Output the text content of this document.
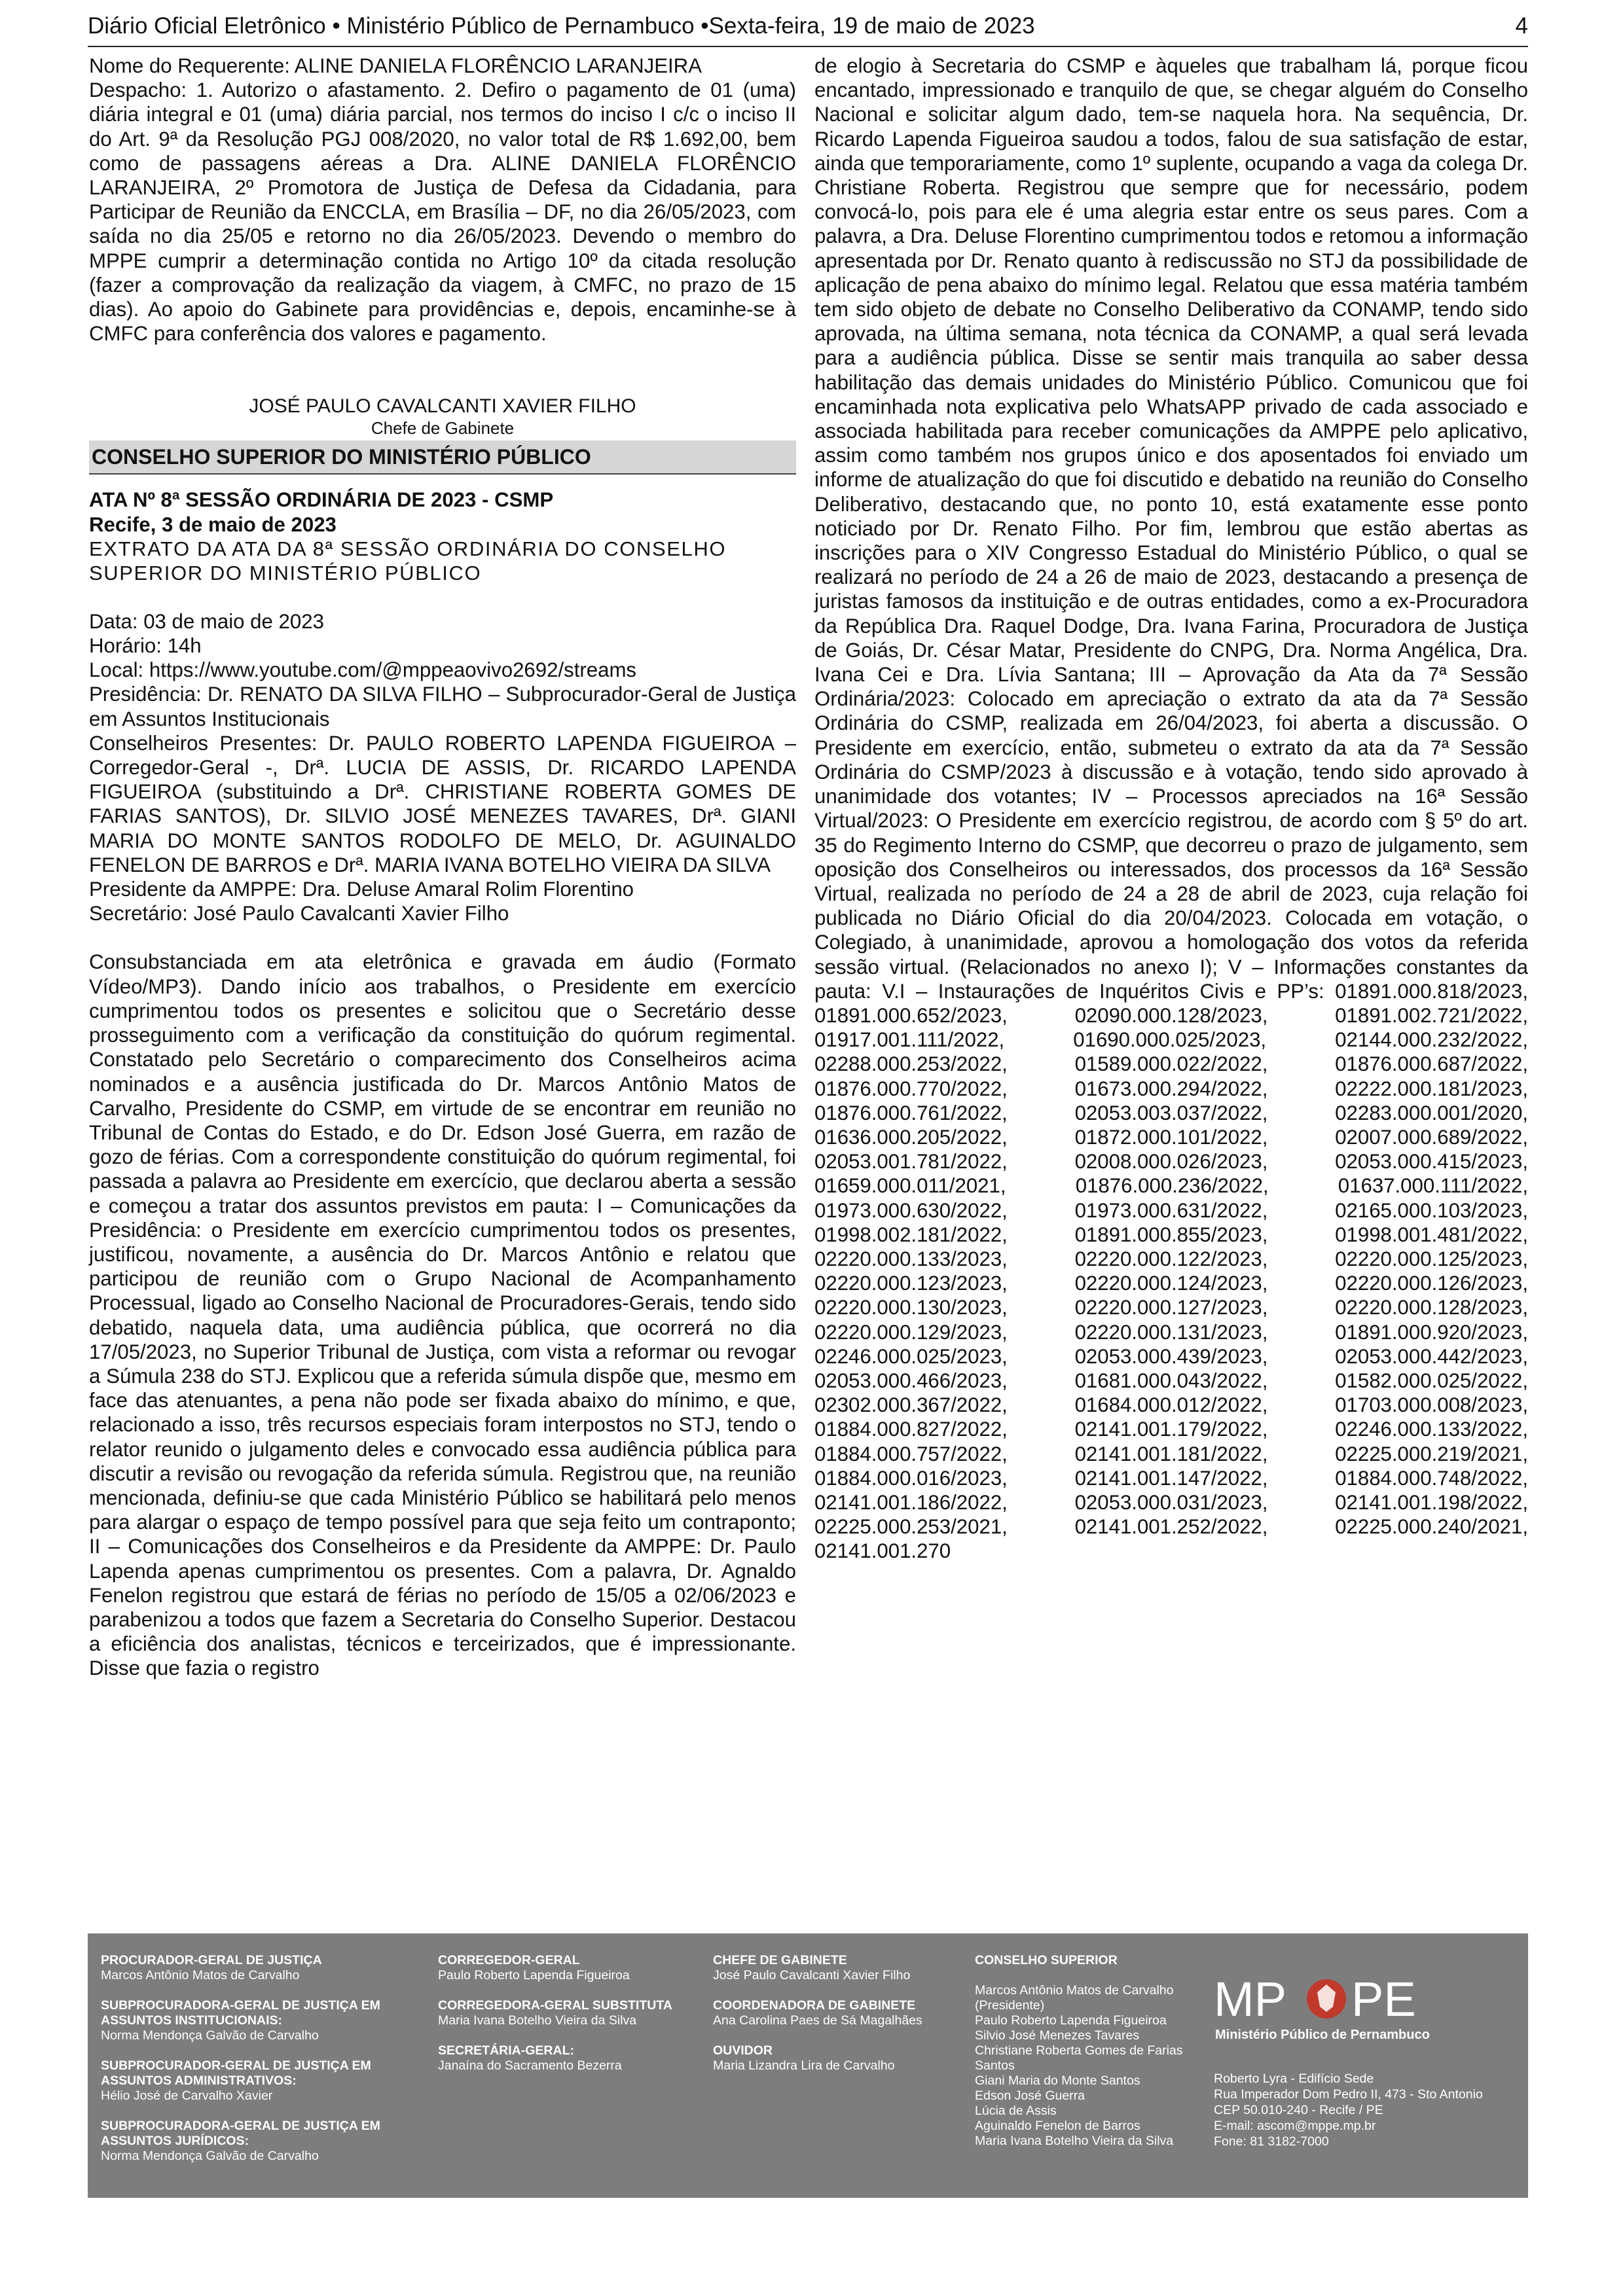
Diário Oficial Eletrônico • Ministério Público de Pernambuco •Sexta-feira, 19 de maio de 2023	4

Nome do Requerente: ALINE DANIELA FLORÊNCIO LARANJEIRA

Despacho: 1. Autorizo o afastamento. 2. Defiro o pagamento de 01 (uma) diária integral e 01 (uma) diária parcial, nos termos do inciso I c/c o inciso II do Art. 9ª da Resolução PGJ 008/2020, no valor total de R$ 1.692,00, bem como de passagens aéreas a Dra. ALINE DANIELA FLORÊNCIO LARANJEIRA, 2º Promotora de Justiça de Defesa da Cidadania, para Participar de Reunião da ENCCLA, em Brasília – DF, no dia 26/05/2023, com saída no dia 25/05 e retorno no dia 26/05/2023. Devendo o membro do MPPE cumprir a determinação contida no Artigo 10º da citada resolução (fazer a comprovação da realização da viagem, à CMFC, no prazo de 15 dias). Ao apoio do Gabinete para providências e, depois, encaminhe-se à CMFC para conferência dos valores e pagamento.

JOSÉ PAULO CAVALCANTI XAVIER FILHO

Chefe de Gabinete

CONSELHO SUPERIOR DO MINISTÉRIO PÚBLICO

ATA Nº 8ª SESSÃO ORDINÁRIA DE 2023 - CSMP

Recife, 3 de maio de 2023

EXTRATO DA ATA DA 8ª SESSÃO ORDINÁRIA DO CONSELHO SUPERIOR DO MINISTÉRIO PÚBLICO

Data: 03 de maio de 2023

Horário: 14h

Local: https://www.youtube.com/@mppeaovivo2692/streams

Presidência: Dr. RENATO DA SILVA FILHO – Subprocurador-Geral de Justiça em Assuntos Institucionais

Conselheiros Presentes: Dr. PAULO ROBERTO LAPENDA FIGUEIROA – Corregedor-Geral -, Drª. LUCIA DE ASSIS, Dr. RICARDO LAPENDA FIGUEIROA (substituindo a Drª. CHRISTIANE ROBERTA GOMES DE FARIAS SANTOS), Dr. SILVIO JOSÉ MENEZES TAVARES, Drª. GIANI MARIA DO MONTE SANTOS RODOLFO DE MELO, Dr. AGUINALDO FENELON DE BARROS e Drª. MARIA IVANA BOTELHO VIEIRA DA SILVA

Presidente da AMPPE: Dra. Deluse Amaral Rolim Florentino

Secretário: José Paulo Cavalcanti Xavier Filho

Consubstanciada em ata eletrônica e gravada em áudio (Formato Vídeo/MP3). Dando início aos trabalhos, o Presidente em exercício cumprimentou todos os presentes e solicitou que o Secretário desse prosseguimento com a verificação da constituição do quórum regimental. Constatado pelo Secretário o comparecimento dos Conselheiros acima nominados e a ausência justificada do Dr. Marcos Antônio Matos de Carvalho, Presidente do CSMP, em virtude de se encontrar em reunião no Tribunal de Contas do Estado, e do Dr. Edson José Guerra, em razão de gozo de férias. Com a correspondente constituição do quórum regimental, foi passada a palavra ao Presidente em exercício, que declarou aberta a sessão e começou a tratar dos assuntos previstos em pauta: I – Comunicações da Presidência: o Presidente em exercício cumprimentou todos os presentes, justificou, novamente, a ausência do Dr. Marcos Antônio e relatou que participou de reunião com o Grupo Nacional de Acompanhamento Processual, ligado ao Conselho Nacional de Procuradores-Gerais, tendo sido debatido, naquela data, uma audiência pública, que ocorrerá no dia 17/05/2023, no Superior Tribunal de Justiça, com vista a reformar ou revogar a Súmula 238 do STJ. Explicou que a referida súmula dispõe que, mesmo em face das atenuantes, a pena não pode ser fixada abaixo do mínimo, e que, relacionado a isso, três recursos especiais foram interpostos no STJ, tendo o relator reunido o julgamento deles e convocado essa audiência pública para discutir a revisão ou revogação da referida súmula. Registrou que, na reunião mencionada, definiu-se que cada Ministério Público se habilitará pelo menos para alargar o espaço de tempo possível para que seja feito um contraponto; II – Comunicações dos Conselheiros e da Presidente da AMPPE: Dr. Paulo Lapenda apenas cumprimentou os presentes. Com a palavra, Dr. Agnaldo Fenelon registrou que estará de férias no período de 15/05 a 02/06/2023 e parabenizou a todos que fazem a Secretaria do Conselho Superior. Destacou a eficiência dos analistas, técnicos e terceirizados, que é impressionante. Disse que fazia o registro

de elogio à Secretaria do CSMP e àqueles que trabalham lá, porque ficou encantado, impressionado e tranquilo de que, se chegar alguém do Conselho Nacional e solicitar algum dado, tem-se naquela hora. Na sequência, Dr. Ricardo Lapenda Figueiroa saudou a todos, falou de sua satisfação de estar, ainda que temporariamente, como 1º suplente, ocupando a vaga da colega Dr. Christiane Roberta. Registrou que sempre que for necessário, podem convocá-lo, pois para ele é uma alegria estar entre os seus pares. Com a palavra, a Dra. Deluse Florentino cumprimentou todos e retomou a informação apresentada por Dr. Renato quanto à rediscussão no STJ da possibilidade de aplicação de pena abaixo do mínimo legal. Relatou que essa matéria também tem sido objeto de debate no Conselho Deliberativo da CONAMP, tendo sido aprovada, na última semana, nota técnica da CONAMP, a qual será levada para a audiência pública. Disse se sentir mais tranquila ao saber dessa habilitação das demais unidades do Ministério Público. Comunicou que foi encaminhada nota explicativa pelo WhatsAPP privado de cada associado e associada habilitada para receber comunicações da AMPPE pelo aplicativo, assim como também nos grupos único e dos aposentados foi enviado um informe de atualização do que foi discutido e debatido na reunião do Conselho Deliberativo, destacando que, no ponto 10, está exatamente esse ponto noticiado por Dr. Renato Filho. Por fim, lembrou que estão abertas as inscrições para o XIV Congresso Estadual do Ministério Público, o qual se realizará no período de 24 a 26 de maio de 2023, destacando a presença de juristas famosos da instituição e de outras entidades, como a ex-Procuradora da República Dra. Raquel Dodge, Dra. Ivana Farina, Procuradora de Justiça de Goiás, Dr. César Matar, Presidente do CNPG, Dra. Norma Angélica, Dra. Ivana Cei e Dra. Lívia Santana; III – Aprovação da Ata da 7ª Sessão Ordinária/2023: Colocado em apreciação o extrato da ata da 7ª Sessão Ordinária do CSMP, realizada em 26/04/2023, foi aberta a discussão. O Presidente em exercício, então, submeteu o extrato da ata da 7ª Sessão Ordinária do CSMP/2023 à discussão e à votação, tendo sido aprovado à unanimidade dos votantes; IV – Processos apreciados na 16ª Sessão Virtual/2023: O Presidente em exercício registrou, de acordo com § 5º do art. 35 do Regimento Interno do CSMP, que decorreu o prazo de julgamento, sem oposição dos Conselheiros ou interessados, dos processos da 16ª Sessão Virtual, realizada no período de 24 a 28 de abril de 2023, cuja relação foi publicada no Diário Oficial do dia 20/04/2023. Colocada em votação, o Colegiado, à unanimidade, aprovou a homologação dos votos da referida sessão virtual. (Relacionados no anexo I); V – Informações constantes da pauta: V.I – Instaurações de Inquéritos Civis e PP’s: 01891.000.818/2023, 01891.000.652/2023, 02090.000.128/2023, 01891.002.721/2022, 01917.001.111/2022, 01690.000.025/2023, 02144.000.232/2022, 02288.000.253/2022, 01589.000.022/2022, 01876.000.687/2022, 01876.000.770/2022, 01673.000.294/2022, 02222.000.181/2023, 01876.000.761/2022, 02053.003.037/2022, 02283.000.001/2020, 01636.000.205/2022, 01872.000.101/2022, 02007.000.689/2022, 02053.001.781/2022, 02008.000.026/2023, 02053.000.415/2023, 01659.000.011/2021, 01876.000.236/2022, 01637.000.111/2022, 01973.000.630/2022, 01973.000.631/2022, 02165.000.103/2023, 01998.002.181/2022, 01891.000.855/2023, 01998.001.481/2022, 02220.000.133/2023, 02220.000.122/2023, 02220.000.125/2023, 02220.000.123/2023, 02220.000.124/2023, 02220.000.126/2023, 02220.000.130/2023, 02220.000.127/2023, 02220.000.128/2023, 02220.000.129/2023, 02220.000.131/2023, 01891.000.920/2023, 02246.000.025/2023, 02053.000.439/2023, 02053.000.442/2023, 02053.000.466/2023, 01681.000.043/2022, 01582.000.025/2022, 02302.000.367/2022, 01684.000.012/2022, 01703.000.008/2023, 01884.000.827/2022, 02141.001.179/2022, 02246.000.133/2022, 01884.000.757/2022, 02141.001.181/2022, 02225.000.219/2021, 01884.000.016/2023, 02141.001.147/2022, 01884.000.748/2022, 02141.001.186/2022, 02053.000.031/2023, 02141.001.198/2022, 02225.000.253/2021, 02141.001.252/2022, 02225.000.240/2021, 02141.001.270

PROCURADOR-GERAL DE JUSTIÇA

Marcos Antônio Matos de Carvalho

SUBPROCURADORA-GERAL DE JUSTIÇA EM ASSUNTOS INSTITUCIONAIS:

Norma Mendonça Galvão de Carvalho

SUBPROCURADOR-GERAL DE JUSTIÇA EM ASSUNTOS ADMINISTRATIVOS:

Hélio José de Carvalho Xavier

SUBPROCURADORA-GERAL DE JUSTIÇA EM ASSUNTOS JURÍDICOS:

Norma Mendonça Galvão de Carvalho

CORREGEDOR-GERAL

Paulo Roberto Lapenda Figueiroa

CORREGEDORA-GERAL SUBSTITUTA

Maria Ivana Botelho Vieira da Silva

SECRETÁRIA-GERAL:

Janaína do Sacramento Bezerra

CHEFE DE GABINETE

José Paulo Cavalcanti Xavier Filho

COORDENADORA DE GABINETE

Ana Carolina Paes de Sá Magalhães

OUVIDOR

Maria Lizandra Lira de Carvalho

CONSELHO SUPERIOR

Marcos Antônio Matos de Carvalho

(Presidente)

Paulo Roberto Lapenda Figueiroa

Silvio José Menezes Tavares

Christiane Roberta Gomes de Farias

Santos

Giani Maria do Monte Santos

Edson José Guerra

Lúcia de Assis

Aguinaldo Fenelon de Barros

Maria Ivana Botelho Vieira da Silva

MP PE

Ministério Público de Pernambuco

Roberto Lyra - Edifício Sede

Rua Imperador Dom Pedro II, 473 - Sto Antonio

CEP 50.010-240 - Recife / PE

E-mail: ascom@mppe.mp.br

Fone: 81 3182-7000
